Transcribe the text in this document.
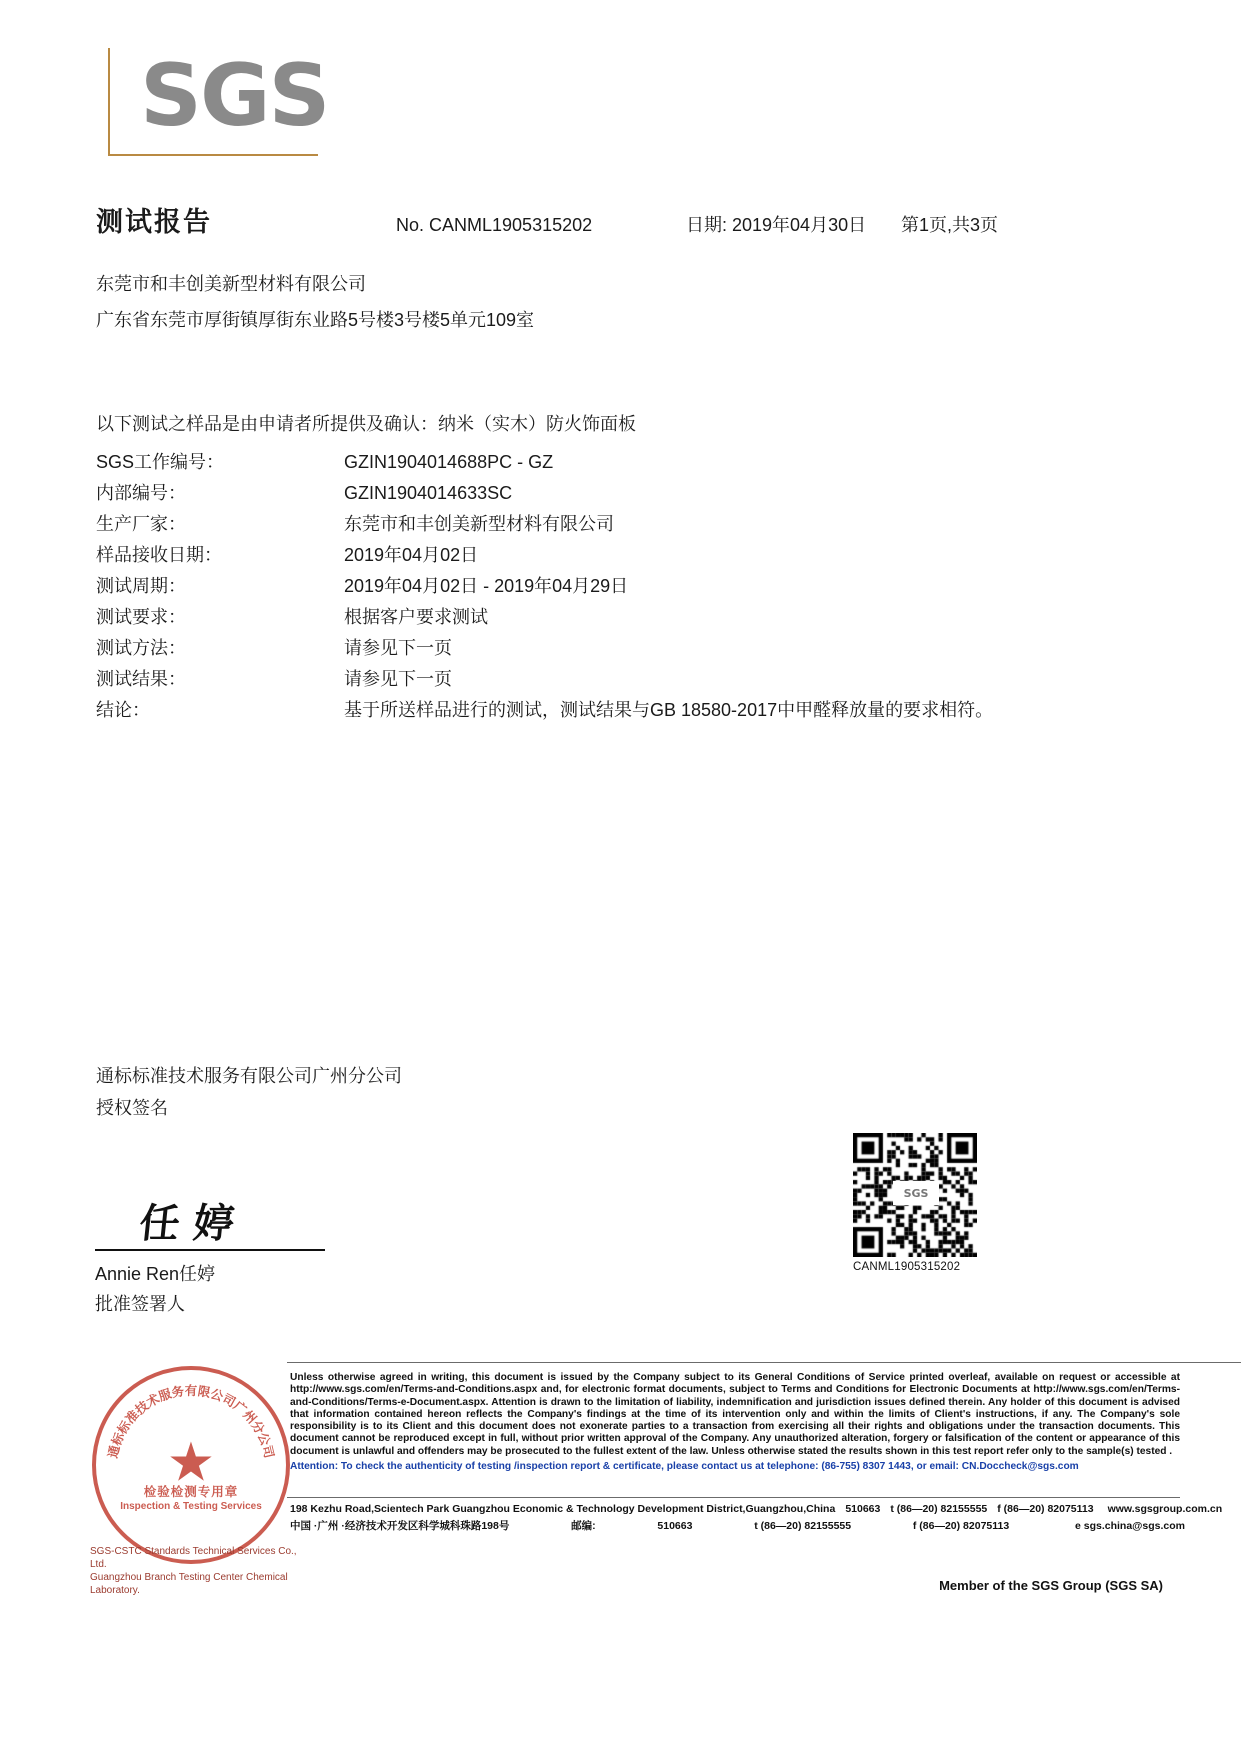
SGS
测试报告	No. CANML1905315202	日期: 2019年04月30日	第1页,共3页
东莞市和丰创美新型材料有限公司
广东省东莞市厚街镇厚街东业路5号楼3号楼5单元109室
以下测试之样品是由申请者所提供及确认：纳米（实木）防火饰面板
SGS工作编号：	GZIN1904014688PC - GZ
内部编号：	GZIN1904014633SC
生产厂家：	东莞市和丰创美新型材料有限公司
样品接收日期：	2019年04月02日
测试周期：	2019年04月02日 - 2019年04月29日
测试要求：	根据客户要求测试
测试方法：	请参见下一页
测试结果：	请参见下一页
结论：	基于所送样品进行的测试，测试结果与GB 18580-2017中甲醛释放量的要求相符。
通标标准技术服务有限公司广州分公司
授权签名
任婷
Annie Ren任婷
批准签署人
SGS
CANML1905315202
通标标准技术服务有限公司广州分公司
★
检验检测专用章
Inspection & Testing Services
SGS-CSTC Standards Technical Services Co., Ltd.
Guangzhou Branch Testing Center Chemical Laboratory.
Unless otherwise agreed in writing, this document is issued by the Company subject to its General Conditions of Service printed overleaf, available on request or accessible at http://www.sgs.com/en/Terms-and-Conditions.aspx and, for electronic format documents, subject to Terms and Conditions for Electronic Documents at http://www.sgs.com/en/Terms-and-Conditions/Terms-e-Document.aspx. Attention is drawn to the limitation of liability, indemnification and jurisdiction issues defined therein. Any holder of this document is advised that information contained hereon reflects the Company's findings at the time of its intervention only and within the limits of Client's instructions, if any. The Company's sole responsibility is to its Client and this document does not exonerate parties to a transaction from exercising all their rights and obligations under the transaction documents. This document cannot be reproduced except in full, without prior written approval of the Company. Any unauthorized alteration, forgery or falsification of the content or appearance of this document is unlawful and offenders may be prosecuted to the fullest extent of the law. Unless otherwise stated the results shown in this test report refer only to the sample(s) tested .
Attention: To check the authenticity of testing /inspection report & certificate, please contact us at telephone: (86-755) 8307 1443, or email: CN.Doccheck@sgs.com
198 Kezhu Road,Scientech Park Guangzhou Economic & Technology Development District,Guangzhou,China 510663 t (86—20) 82155555 f (86—20) 82075113	www.sgsgroup.com.cn
中国 ·广州 ·经济技术开发区科学城科珠路198号	邮编:	510663	t (86—20) 82155555	f (86—20) 82075113	e sgs.china@sgs.com
Member of the SGS Group (SGS SA)
